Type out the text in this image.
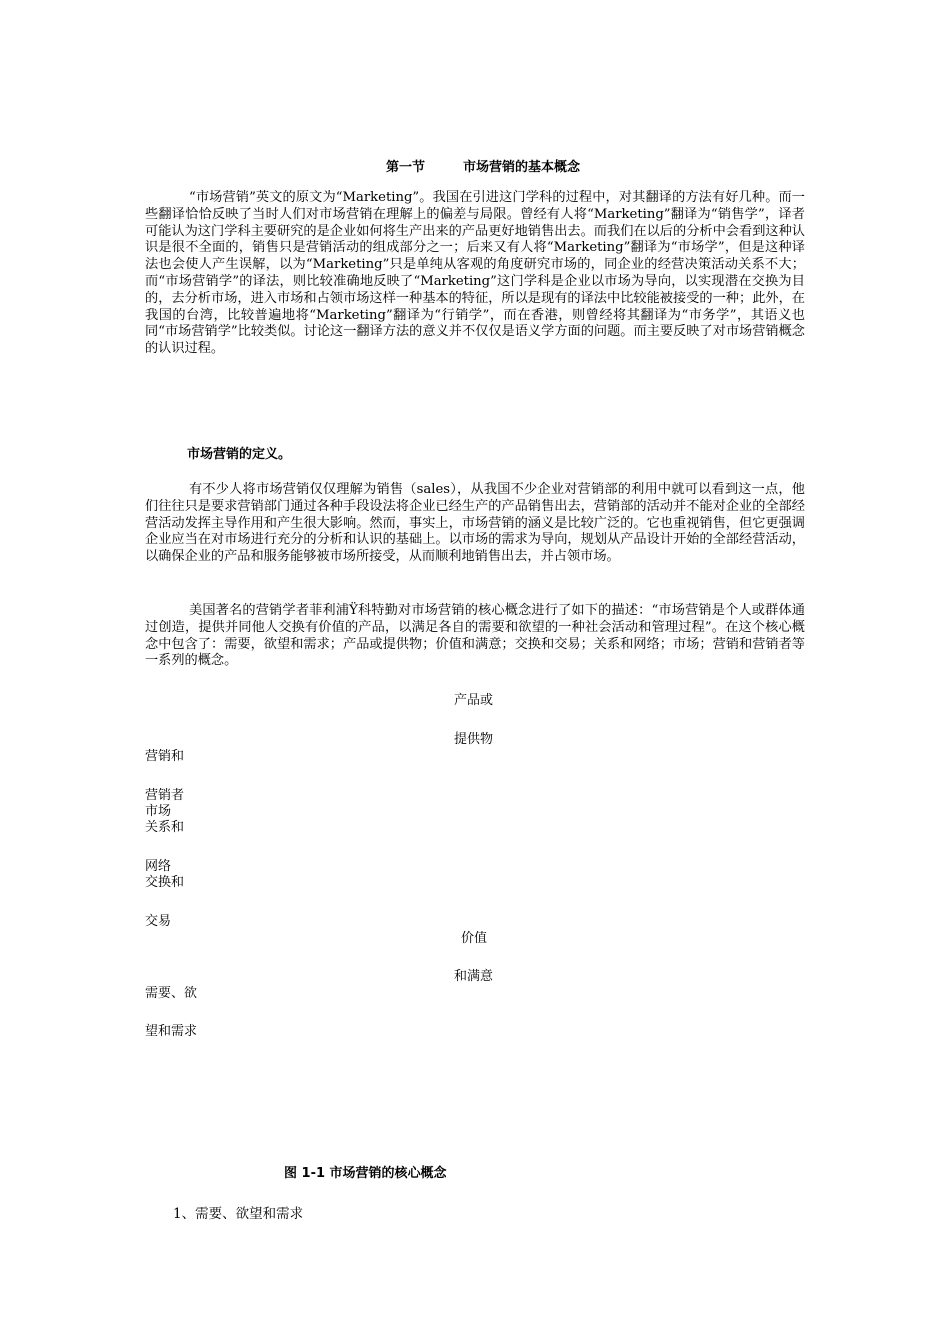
第一节	市场营销的基本概念

“市场营销”英文的原文为“Marketing”。我国在引进这门学科的过程中，对其翻译的方法有好几种。而一些翻译恰恰反映了当时人们对市场营销在理解上的偏差与局限。曾经有人将“Marketing”翻译为“销售学”，译者可能认为这门学科主要研究的是企业如何将生产出来的产品更好地销售出去。而我们在以后的分析中会看到这种认识是很不全面的，销售只是营销活动的组成部分之一；后来又有人将“Marketing”翻译为“市场学”，但是这种译法也会使人产生误解，以为“Marketing”只是单纯从客观的角度研究市场的，同企业的经营决策活动关系不大；而“市场营销学”的译法，则比较准确地反映了“Marketing”这门学科是企业以市场为导向，以实现潜在交换为目的，去分析市场，进入市场和占领市场这样一种基本的特征，所以是现有的译法中比较能被接受的一种；此外，在我国的台湾，比较普遍地将“Marketing”翻译为“行销学”，而在香港，则曾经将其翻译为“市务学”，其语义也同“市场营销学”比较类似。讨论这一翻译方法的意义并不仅仅是语义学方面的问题。而主要反映了对市场营销概念的认识过程。

市场营销的定义。

有不少人将市场营销仅仅理解为销售（sales），从我国不少企业对营销部的利用中就可以看到这一点，他们往往只是要求营销部门通过各种手段设法将企业已经生产的产品销售出去，营销部的活动并不能对企业的全部经营活动发挥主导作用和产生很大影响。然而，事实上，市场营销的涵义是比较广泛的。它也重视销售，但它更强调企业应当在对市场进行充分的分析和认识的基础上。以市场的需求为导向，规划从产品设计开始的全部经营活动，以确保企业的产品和服务能够被市场所接受，从而顺利地销售出去，并占领市场。

美国著名的营销学者菲利浦Ÿ科特勤对市场营销的核心概念进行了如下的描述：“市场营销是个人或群体通过创造，提供并同他人交换有价值的产品，以满足各自的需要和欲望的一种社会活动和管理过程”。在这个核心概念中包含了：需要，欲望和需求；产品或提供物；价值和满意；交换和交易；关系和网络；市场；营销和营销者等一系列的概念。

产品或
提供物
营销和
营销者
市场
关系和
网络
交换和
交易
价值
和满意
需要、欲
望和需求
图 1-1 市场营销的核心概念
1、需要、欲望和需求
